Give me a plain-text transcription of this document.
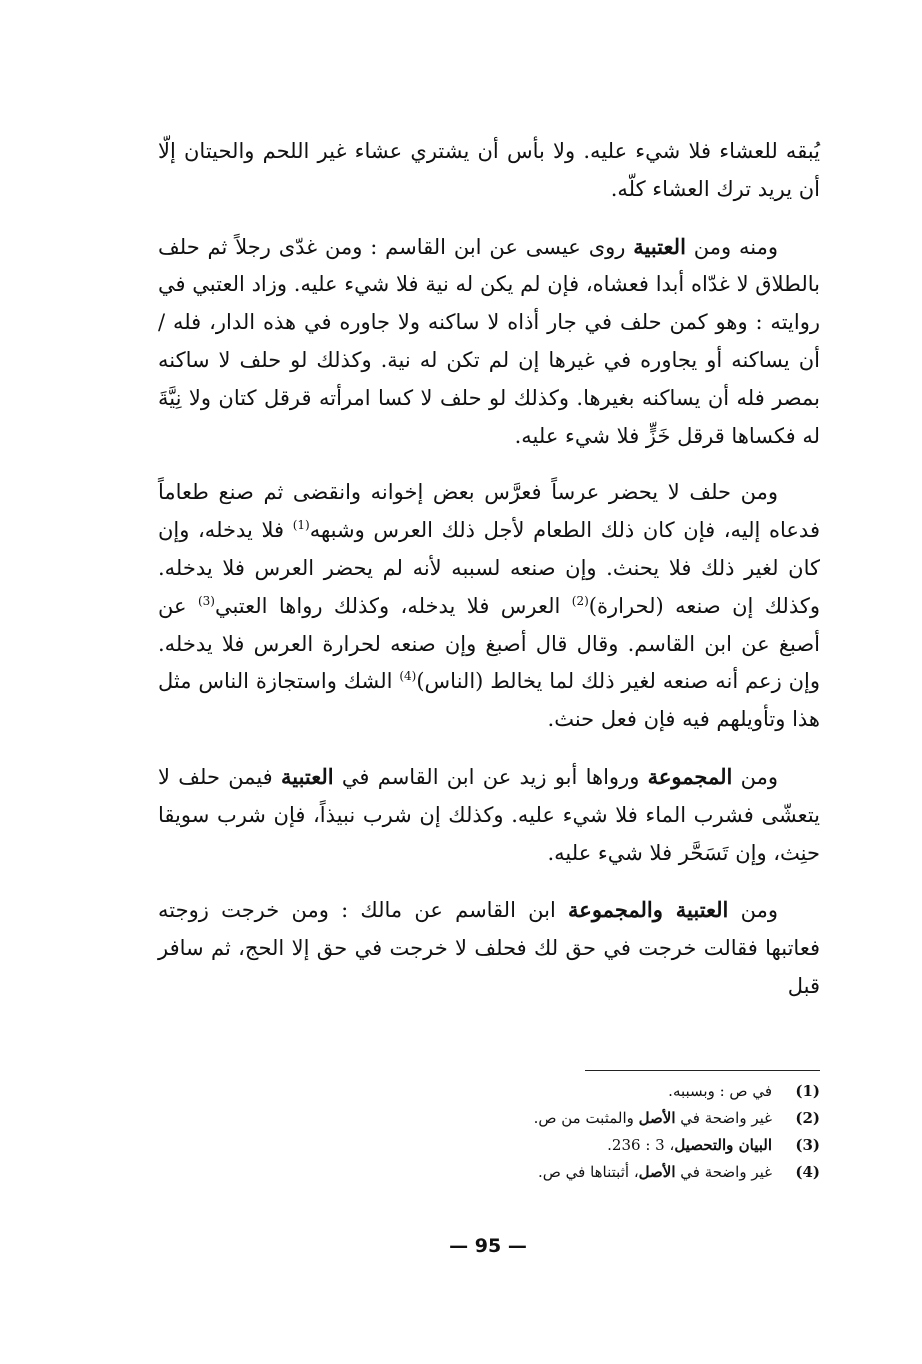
يُبقه للعشاء فلا شيء عليه. ولا بأس أن يشتري عشاء غير اللحم والحيتان إلّا أن يريد ترك العشاء كلّه.

ومنه ومن العتبية روى عيسى عن ابن القاسم : ومن غدّى رجلاً ثم حلف بالطلاق لا غدّاه أبدا فعشاه، فإن لم يكن له نية فلا شيء عليه. وزاد العتبي في روايته : وهو كمن حلف في جار أذاه لا ساكنه ولا جاوره في هذه الدار، فله / أن يساكنه أو يجاوره في غيرها إن لم تكن له نية. وكذلك لو حلف لا ساكنه بمصر فله أن يساكنه بغيرها. وكذلك لو حلف لا كسا امرأته قرقل كتان ولا نِيَّةَ له فكساها قرقل خَزٍّ فلا شيء عليه.

ومن حلف لا يحضر عرساً فعرَّس بعض إخوانه وانقضى ثم صنع طعاماً فدعاه إليه، فإن كان ذلك الطعام لأجل ذلك العرس وشبهه$^{(1)}$ فلا يدخله، وإن كان لغير ذلك فلا يحنث. وإن صنعه لسببه لأنه لم يحضر العرس فلا يدخله. وكذلك إن صنعه (لحرارة)$^{(2)}$ العرس فلا يدخله، وكذلك رواها العتبي$^{(3)}$ عن أصبغ عن ابن القاسم. وقال قال أصبغ وإن صنعه لحرارة العرس فلا يدخله. وإن زعم أنه صنعه لغير ذلك لما يخالط (الناس)$^{(4)}$ الشك واستجازة الناس مثل هذا وتأويلهم فيه فإن فعل حنث.

ومن المجموعة ورواها أبو زيد عن ابن القاسم في العتبية فيمن حلف لا يتعشّى فشرب الماء فلا شيء عليه. وكذلك إن شرب نبيذاً، فإن شرب سويقا حنِث، وإن تَسَحَّر فلا شيء عليه.

ومن العتبية والمجموعة ابن القاسم عن مالك : ومن خرجت زوجته فعاتبها فقالت خرجت في حق لك فحلف لا خرجت في حق إلا الحج، ثم سافر قبل

(1)
في ص : وبسببه.
(2)
غير واضحة في الأصل والمثبت من ص.
(3)
البيان والتحصيل، 3 : 236.
(4)
غير واضحة في الأصل، أثبتناها في ص.
— 95 —
